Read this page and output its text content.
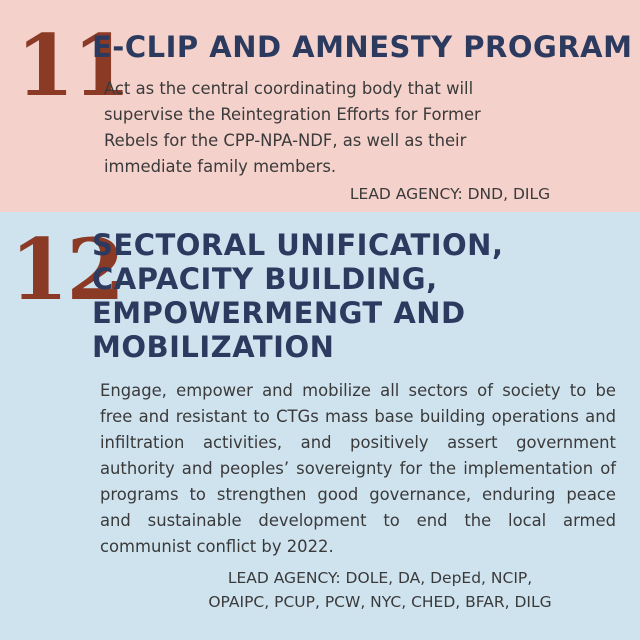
11
E-CLIP AND AMNESTY PROGRAM
Act as the central coordinating body that will supervise the Reintegration Efforts for Former Rebels for the CPP-NPA-NDF, as well as their immediate family members.
LEAD AGENCY: DND, DILG
12
SECTORAL UNIFICATION,
CAPACITY BUILDING,
EMPOWERMENGT AND
MOBILIZATION
Engage, empower and mobilize all sectors of society to be free and resistant to CTGs mass base building operations and infiltration activities, and positively assert government authority and peoples’ sovereignty for the implementation of programs to strengthen good governance, enduring peace and sustainable development to end the local armed communist conflict by 2022.
LEAD AGENCY: DOLE, DA, DepEd, NCIP,
OPAIPC, PCUP, PCW, NYC, CHED, BFAR, DILG
